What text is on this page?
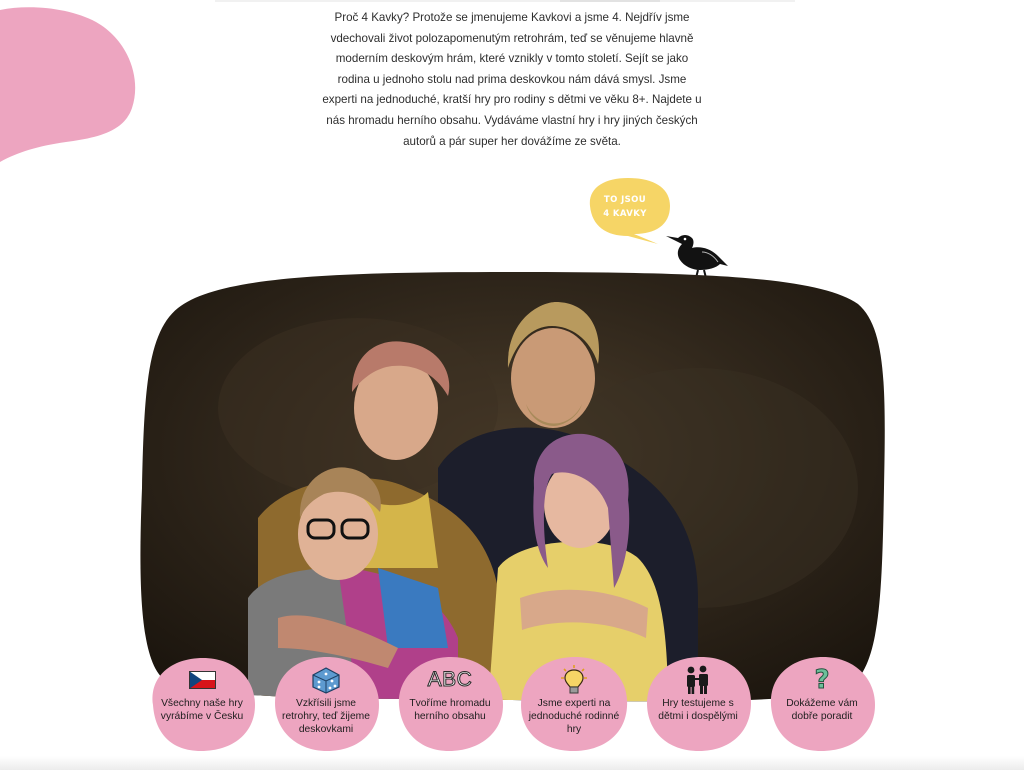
Proč 4 Kavky? Protože se jmenujeme Kavkovi a jsme 4. Nejdřív jsme
vdechovali život polozapomenutým retrohrám, teď se věnujeme hlavně
moderním deskovým hrám, které vznikly v tomto století. Sejít se jako
rodina u jednoho stolu nad prima deskovkou nám dává smysl. Jsme
experti na jednoduché, kratší hry pro rodiny s dětmi ve věku 8+. Najdete u
nás hromadu herního obsahu. Vydáváme vlastní hry i hry jiných českých
autorů a pár super her dovážíme ze světa.
TO JSOU
4 KAVKY
Všechny naše hry
vyrábíme v Česku
Vzkřísili jsme
retrohry, teď žijeme
deskovkami
ABC
Tvoříme hromadu
herního obsahu
Jsme experti na
jednoduché rodinné
hry
Hry testujeme s
dětmi i dospělými
?
Dokážeme vám
dobře poradit
